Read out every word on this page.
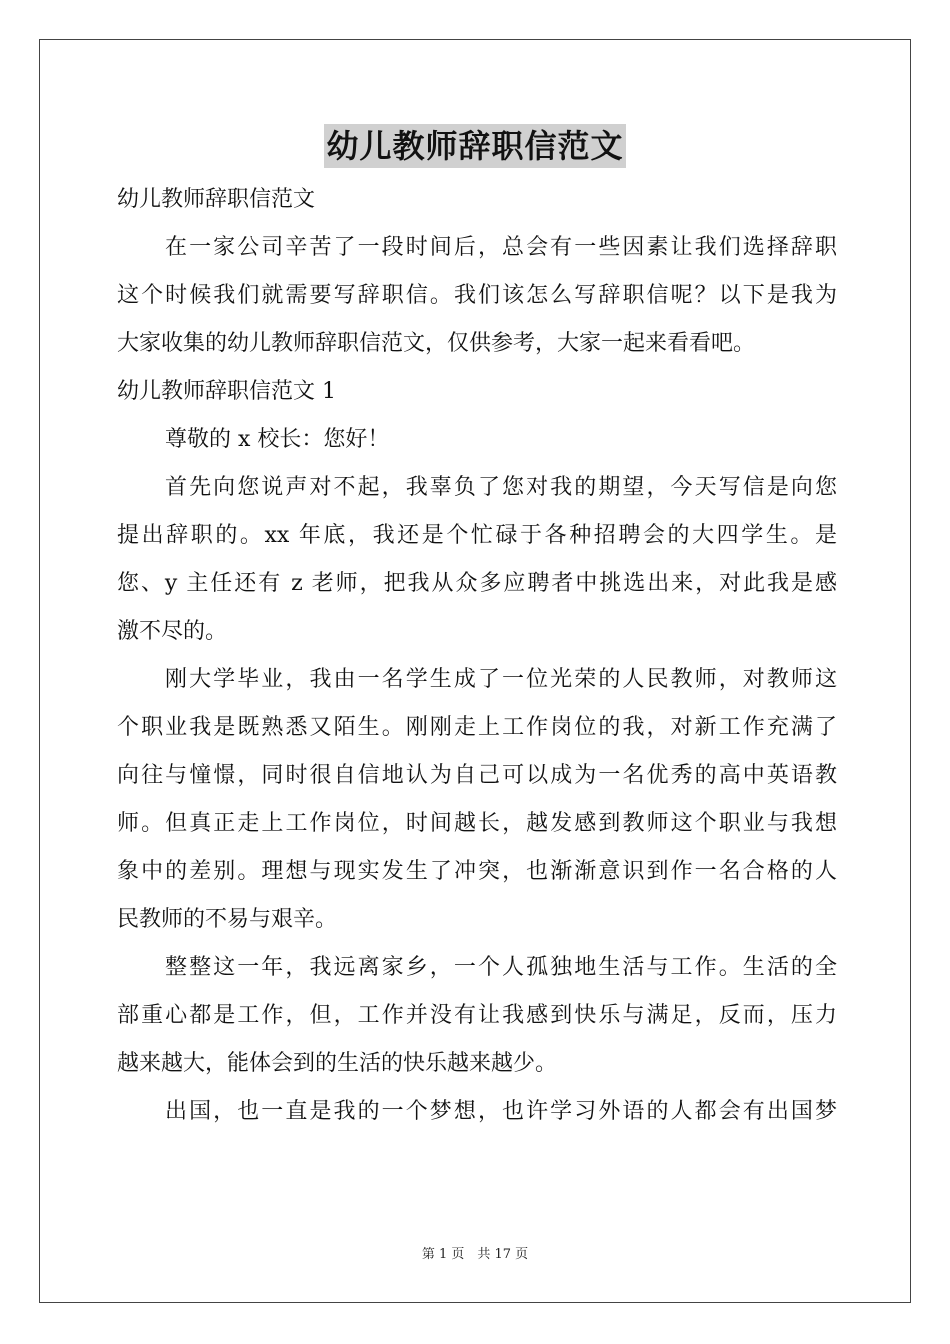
幼儿教师辞职信范文
幼儿教师辞职信范文
在一家公司辛苦了一段时间后，总会有一些因素让我们选择辞职
这个时候我们就需要写辞职信。我们该怎么写辞职信呢？以下是我为
大家收集的幼儿教师辞职信范文，仅供参考，大家一起来看看吧。
幼儿教师辞职信范文 1
尊敬的 x 校长：您好！
首先向您说声对不起，我辜负了您对我的期望，今天写信是向您
提出辞职的。xx 年底，我还是个忙碌于各种招聘会的大四学生。是
您、y 主任还有 z 老师，把我从众多应聘者中挑选出来，对此我是感
激不尽的。
刚大学毕业，我由一名学生成了一位光荣的人民教师，对教师这
个职业我是既熟悉又陌生。刚刚走上工作岗位的我，对新工作充满了
向往与憧憬，同时很自信地认为自己可以成为一名优秀的高中英语教
师。但真正走上工作岗位，时间越长，越发感到教师这个职业与我想
象中的差别。理想与现实发生了冲突，也渐渐意识到作一名合格的人
民教师的不易与艰辛。
整整这一年，我远离家乡，一个人孤独地生活与工作。生活的全
部重心都是工作，但，工作并没有让我感到快乐与满足，反而，压力
越来越大，能体会到的生活的快乐越来越少。
出国，也一直是我的一个梦想，也许学习外语的人都会有出国梦
第 1 页　共 17 页
